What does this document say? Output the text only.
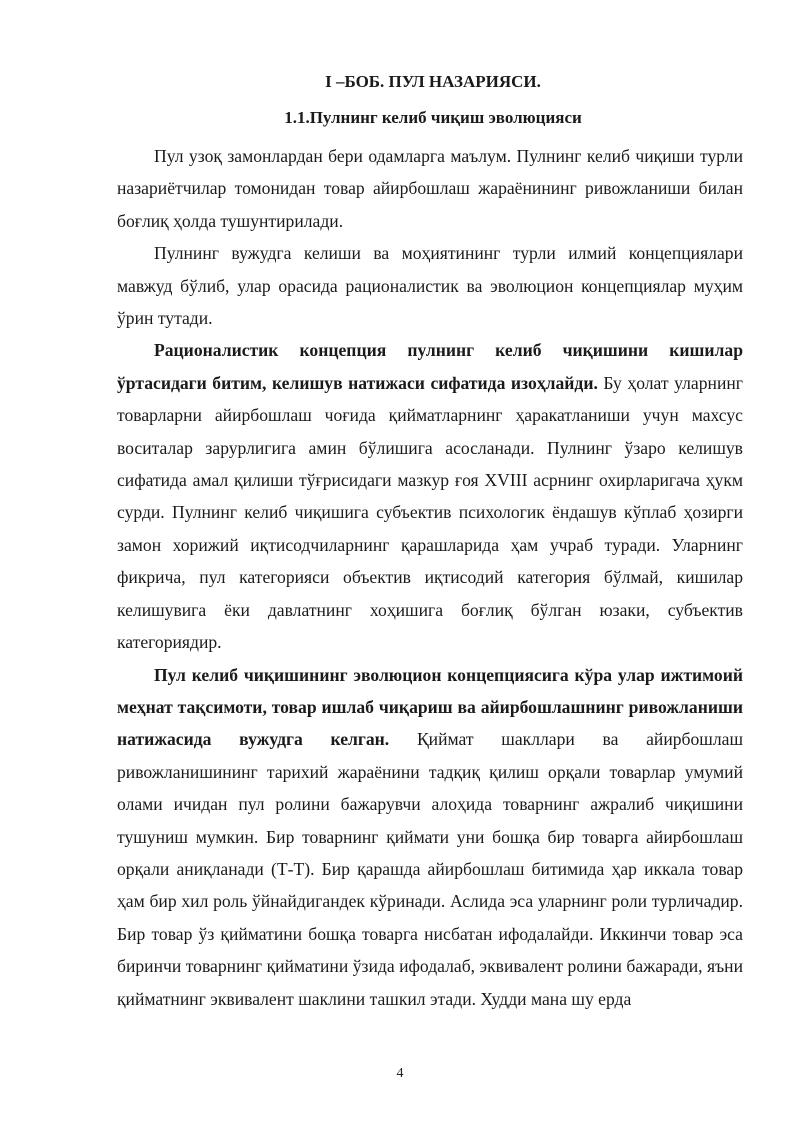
I –БОБ. ПУЛ НАЗАРИЯСИ.
1.1.Пулнинг келиб чиқиш эволюцияси

Пул узоқ замонлардан бери одамларга маълум. Пулнинг келиб чиқиши турли назариётчилар томонидан товар айирбошлаш жараёнининг ривожланиши билан боғлиқ ҳолда тушунтирилади.

Пулнинг вужудга келиши ва моҳиятининг турли илмий концепциялари мавжуд бўлиб, улар орасида рационалистик ва эволюцион концепциялар муҳим ўрин тутади.

Рационалистик концепция пулнинг келиб чиқишини кишилар ўртасидаги битим, келишув натижаси сифатида изоҳлайди. Бу ҳолат уларнинг товарларни айирбошлаш чоғида қийматларнинг ҳаракатланиши учун махсус воситалар зарурлигига амин бўлишига асосланади. Пулнинг ўзаро келишув сифатида амал қилиши тўғрисидаги мазкур ғоя XVIII асрнинг охирларигача ҳукм сурди. Пулнинг келиб чиқишига субъектив психологик ёндашув кўплаб ҳозирги замон хорижий иқтисодчиларнинг қарашларида ҳам учраб туради. Уларнинг фикрича, пул категорияси объектив иқтисодий категория бўлмай, кишилар келишувига ёки давлатнинг хоҳишига боғлиқ бўлган юзаки, субъектив категориядир.

Пул келиб чиқишининг эволюцион концепциясига кўра улар ижтимоий меҳнат тақсимоти, товар ишлаб чиқариш ва айирбошлашнинг ривожланиши натижасида вужудга келган. Қиймат шакллари ва айирбошлаш ривожланишининг тарихий жараёнини тадқиқ қилиш орқали товарлар умумий олами ичидан пул ролини бажарувчи алоҳида товарнинг ажралиб чиқишини тушуниш мумкин. Бир товарнинг қиймати уни бошқа бир товарга айирбошлаш орқали аниқланади (Т-Т). Бир қарашда айирбошлаш битимида ҳар иккала товар ҳам бир хил роль ўйнайдигандек кўринади. Аслида эса уларнинг роли турличадир. Бир товар ўз қийматини бошқа товарга нисбатан ифодалайди. Иккинчи товар эса биринчи товарнинг қийматини ўзида ифодалаб, эквивалент ролини бажаради, яъни қийматнинг эквивалент шаклини ташкил этади. Худди мана шу ерда

4
